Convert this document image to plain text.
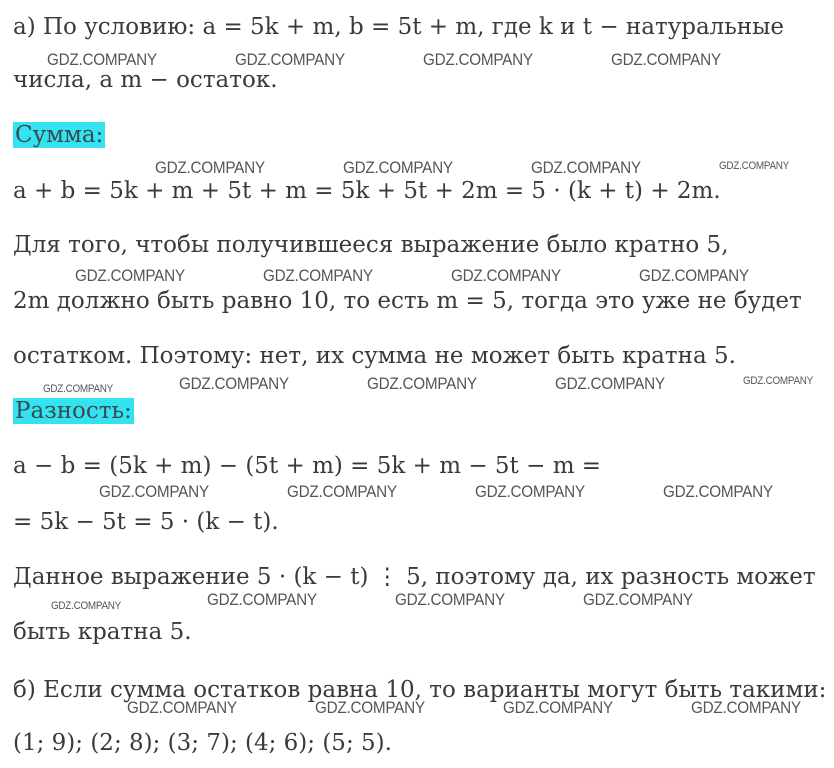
а) По условию: a = 5k + m, b = 5t + m, где k и t − натуральные
числа, а m − остаток.
Сумма:
a + b = 5k + m + 5t + m = 5k + 5t + 2m = 5 · (k + t) + 2m.
Для того, чтобы получившееся выражение было кратно 5,
2m должно быть равно 10, то есть m = 5, тогда это уже не будет
остатком. Поэтому: нет, их сумма не может быть кратна 5.
Разность:
a − b = (5k + m) − (5t + m) = 5k + m − 5t − m =
= 5k − 5t = 5 · (k − t).
Данное выражение 5 · (k − t) ⋮ 5, поэтому да, их разность может
быть кратна 5.
б) Если сумма остатков равна 10, то варианты могут быть такими:
(1; 9); (2; 8); (3; 7); (4; 6); (5; 5).
GDZ.COMPANY	GDZ.COMPANY	GDZ.COMPANY	GDZ.COMPANY
GDZ.COMPANY	GDZ.COMPANY	GDZ.COMPANY	GDZ.COMPANY
GDZ.COMPANY	GDZ.COMPANY	GDZ.COMPANY	GDZ.COMPANY
GDZ.COMPANY	GDZ.COMPANY	GDZ.COMPANY	GDZ.COMPANY	GDZ.COMPANY
GDZ.COMPANY	GDZ.COMPANY	GDZ.COMPANY	GDZ.COMPANY
GDZ.COMPANY	GDZ.COMPANY	GDZ.COMPANY	GDZ.COMPANY
GDZ.COMPANY	GDZ.COMPANY	GDZ.COMPANY	GDZ.COMPANY
